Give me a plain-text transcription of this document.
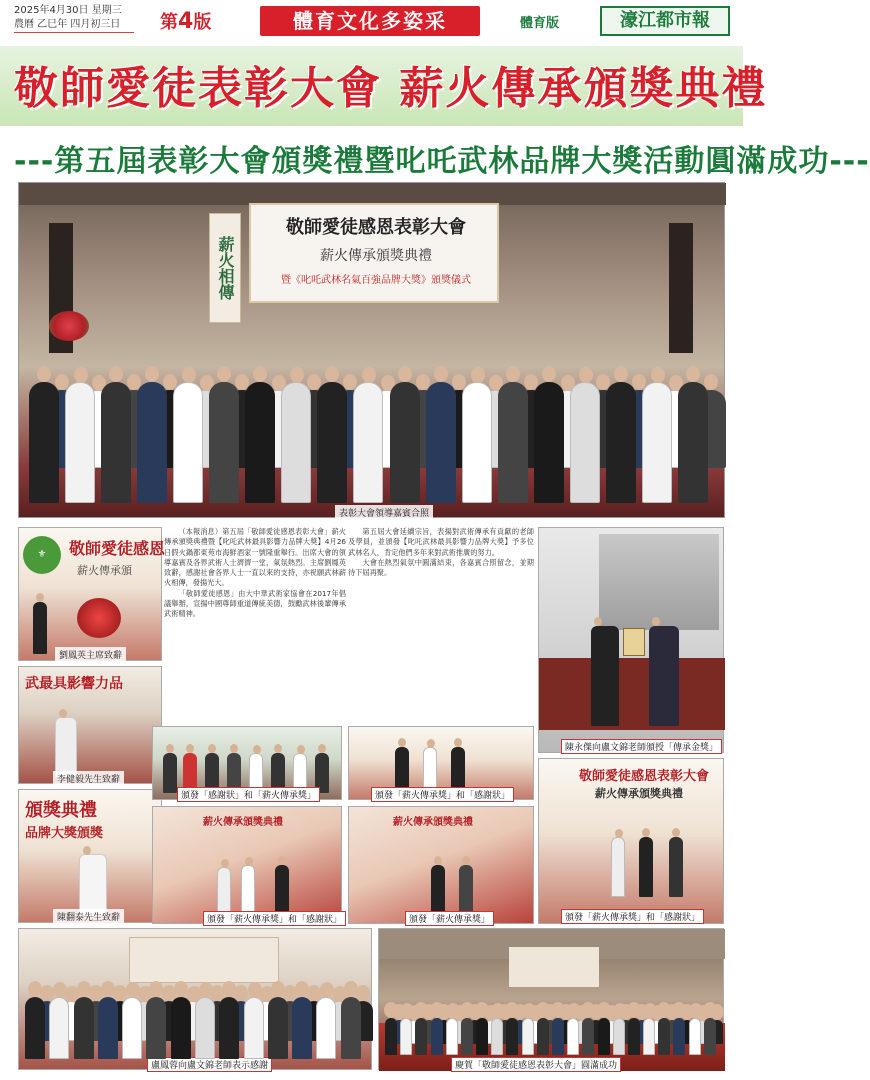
2025年4月30日 星期三
農曆 乙巳年 四月初三日	第4版	體育文化多姿采	體育版	濠江都市報
敬師愛徒表彰大會 薪火傳承頒獎典禮
---第五屆表彰大會頒獎禮暨叱吒武林品牌大獎活動圓滿成功---
薪火相傳
敬師愛徒感恩表彰大會
薪火傳承頒獎典禮
暨《叱吒武林名氣百強品牌大獎》頒獎儀式
表彰大會領導嘉賓合照
敬師愛徒感恩
薪火傳承頒
⚜
劉鳳英主席致辭
武最具影響力品
李健毅先生致辭
頒獎典禮
品牌大獎頒獎
陳翻泰先生致辭

（本報消息）第五屆「敬師愛徒感恩表彰大會」薪火傳承頒獎典禮暨【叱吒武林最具影響力品牌大獎】4月26日假火鍋都東苑市海鮮酒家一號隆重舉行。出席大會的領導嘉賓及各界武術人士濟濟一堂，氣氛熱烈。主席劉鳳英致辭，感謝社會各界人士一直以來的支持，亦祝願武林薪火相傳，發揚光大。

「敬師愛徒感恩」由大中華武術家協會在2017年倡議舉辦，宣揚中國尊師重道傳統美德，鼓勵武林後輩傳承武術精神。

第五屆大會延續宗旨，表揚對武術傳承有貢獻的老師及學員，並頒發【叱吒武林最具影響力品牌大獎】予多位武林名人，肯定他們多年來對武術推廣的努力。

大會在熱烈氣氛中圓滿結束，各嘉賓合照留念，並期待下屆再聚。

陳永傑向盧文錦老師頒授「傳承金獎」
頒發「感謝狀」和「薪火傳承獎」	頒發「薪火傳承獎」和「感謝狀」
薪火傳承頒獎典禮
頒發「薪火傳承獎」和「感謝狀」
薪火傳承頒獎典禮
頒發「薪火傳承獎」
敬師愛徒感恩表彰大會
薪火傳承頒獎典禮
頒發「薪火傳承獎」和「感謝狀」
盧鳳蓉向盧文錦老師表示感謝	慶賀「敬師愛徒感恩表彰大會」圓滿成功
